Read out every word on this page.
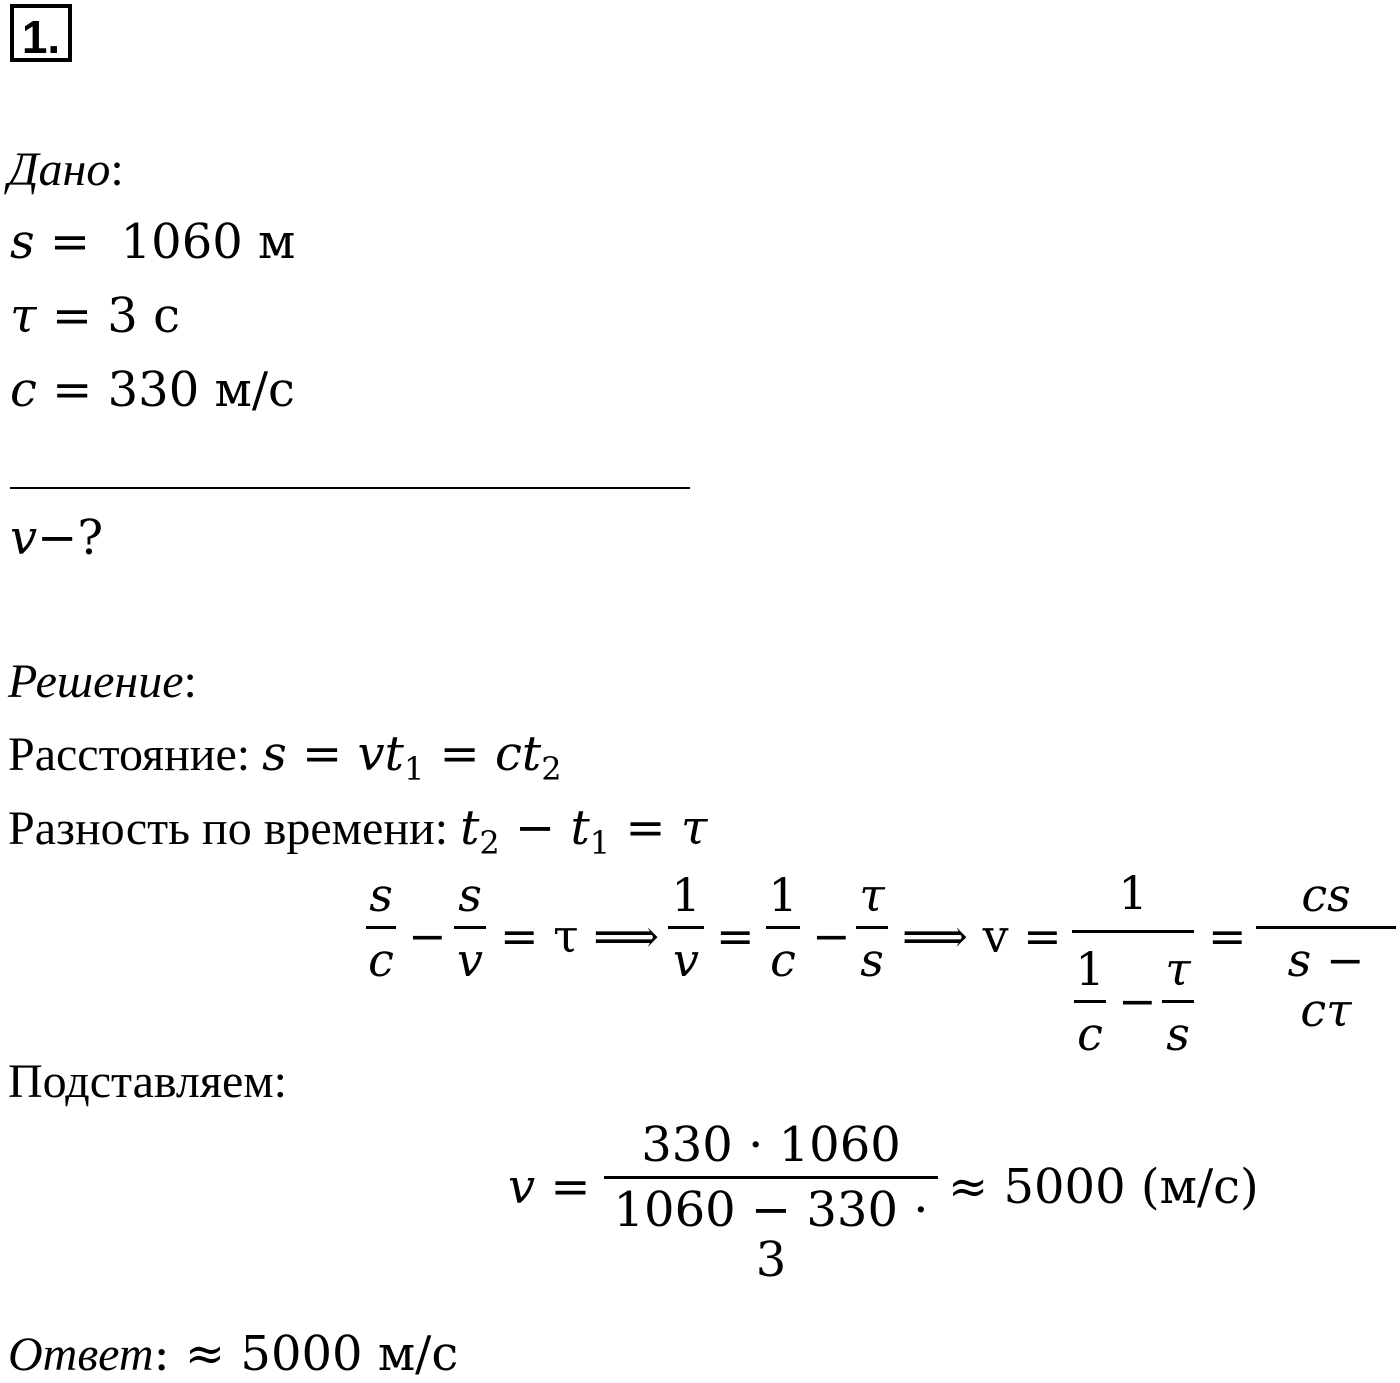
1.
Дано:
s =  1060 м
τ = 3 с
c = 330 м/с
v−?
Решение:
Расстояние: $s = vt_1 = ct_2$
Разность по времени: $t_2 - t_1 = \tau$
s
c −
s
v = τ ⟹
1
v =
1
c −
τ
s ⟹ v =
1
1
c
−
τ
s
=
cs
s − cτ
Подставляем:
v =
330 · 1060
1060 − 330 · 3
≈ 5000 (м/с)
Ответ: ≈ 5000 м/с
